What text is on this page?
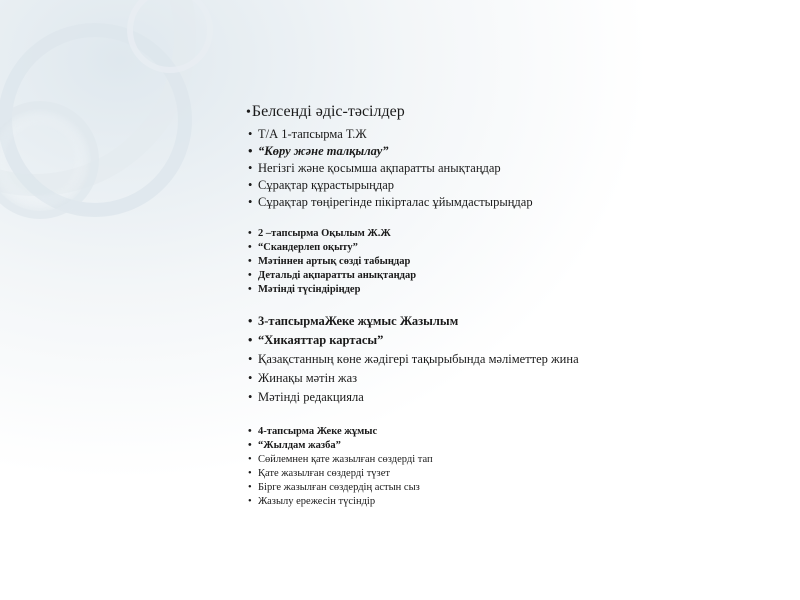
•Белсенді әдіс-тәсілдер
• Т/А 1-тапсырма Т.Ж
• “Көру және талқылау”
• Негізгі және қосымша ақпаратты анықтаңдар
• Сұрақтар құрастырыңдар
• Сұрақтар төңірегінде пікірталас ұйымдастырыңдар
• 2 –тапсырма Оқылым Ж.Ж
• “Скандерлеп оқыту”
• Мәтіннен артық сөзді табыңдар
• Детальді ақпаратты анықтаңдар
• Мәтінді түсіндіріңдер
• 3-тапсырмаЖеке жұмыс Жазылым
• “Хикаяттар картасы”
• Қазақстанның көне жәдігері тақырыбында мәліметтер жина
• Жинақы мәтін жаз
• Мәтінді редакцияла
• 4-тапсырма Жеке жұмыс
• “Жылдам жазба”
• Сөйлемнен қате жазылған сөздерді тап
• Қате жазылған сөздерді түзет
• Бірге жазылған сөздердің астын сыз
• Жазылу ережесін түсіндір
